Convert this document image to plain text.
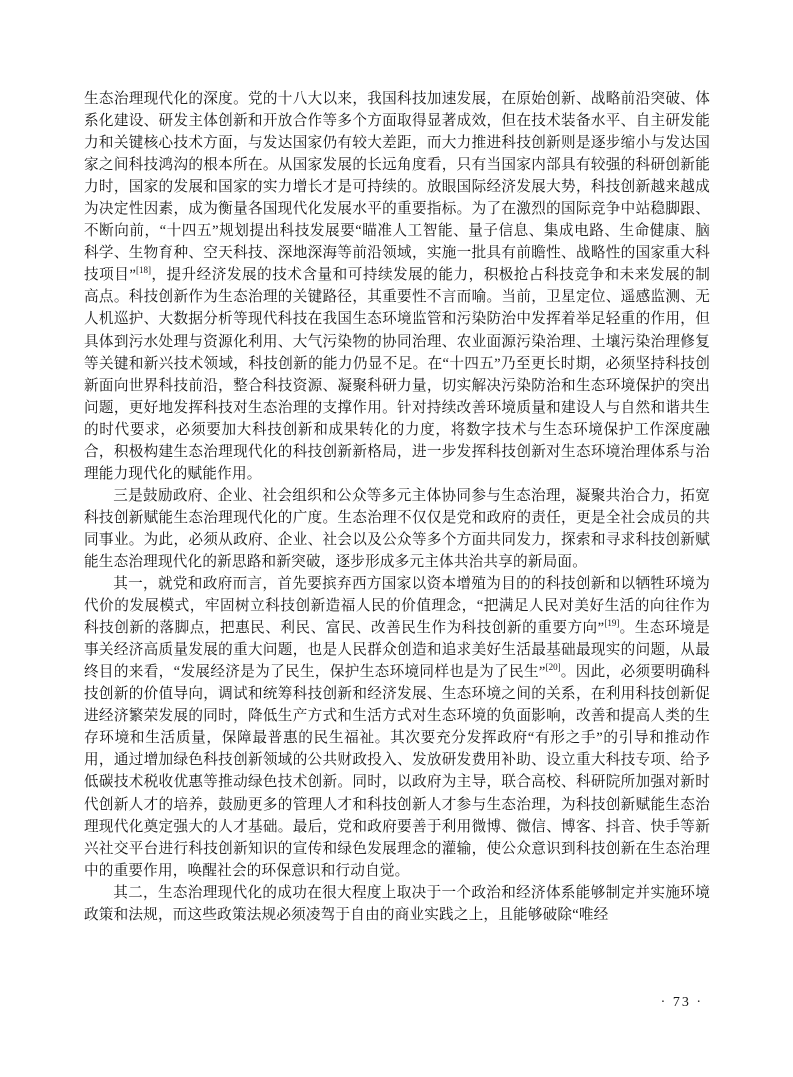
生态治理现代化的深度。党的十八大以来，我国科技加速发展，在原始创新、战略前沿突破、体系化建设、研发主体创新和开放合作等多个方面取得显著成效，但在技术装备水平、自主研发能力和关键核心技术方面，与发达国家仍有较大差距，而大力推进科技创新则是逐步缩小与发达国家之间科技鸿沟的根本所在。从国家发展的长远角度看，只有当国家内部具有较强的科研创新能力时，国家的发展和国家的实力增长才是可持续的。放眼国际经济发展大势，科技创新越来越成为决定性因素，成为衡量各国现代化发展水平的重要指标。为了在激烈的国际竞争中站稳脚跟、不断向前，“十四五”规划提出科技发展要“瞄准人工智能、量子信息、集成电路、生命健康、脑科学、生物育种、空天科技、深地深海等前沿领域，实施一批具有前瞻性、战略性的国家重大科技项目”[18]，提升经济发展的技术含量和可持续发展的能力，积极抢占科技竞争和未来发展的制高点。科技创新作为生态治理的关键路径，其重要性不言而喻。当前，卫星定位、遥感监测、无人机巡护、大数据分析等现代科技在我国生态环境监管和污染防治中发挥着举足轻重的作用，但具体到污水处理与资源化利用、大气污染物的协同治理、农业面源污染治理、土壤污染治理修复等关键和新兴技术领域，科技创新的能力仍显不足。在“十四五”乃至更长时期，必须坚持科技创新面向世界科技前沿，整合科技资源、凝聚科研力量，切实解决污染防治和生态环境保护的突出问题，更好地发挥科技对生态治理的支撑作用。针对持续改善环境质量和建设人与自然和谐共生的时代要求，必须要加大科技创新和成果转化的力度，将数字技术与生态环境保护工作深度融合，积极构建生态治理现代化的科技创新新格局，进一步发挥科技创新对生态环境治理体系与治理能力现代化的赋能作用。

三是鼓励政府、企业、社会组织和公众等多元主体协同参与生态治理，凝聚共治合力，拓宽科技创新赋能生态治理现代化的广度。生态治理不仅仅是党和政府的责任，更是全社会成员的共同事业。为此，必须从政府、企业、社会以及公众等多个方面共同发力，探索和寻求科技创新赋能生态治理现代化的新思路和新突破，逐步形成多元主体共治共享的新局面。

其一，就党和政府而言，首先要摈弃西方国家以资本增殖为目的的科技创新和以牺牲环境为代价的发展模式，牢固树立科技创新造福人民的价值理念，“把满足人民对美好生活的向往作为科技创新的落脚点，把惠民、利民、富民、改善民生作为科技创新的重要方向”[19]。生态环境是事关经济高质量发展的重大问题，也是人民群众创造和追求美好生活最基础最现实的问题，从最终目的来看，“发展经济是为了民生，保护生态环境同样也是为了民生”[20]。因此，必须要明确科技创新的价值导向，调试和统筹科技创新和经济发展、生态环境之间的关系，在利用科技创新促进经济繁荣发展的同时，降低生产方式和生活方式对生态环境的负面影响，改善和提高人类的生存环境和生活质量，保障最普惠的民生福祉。其次要充分发挥政府“有形之手”的引导和推动作用，通过增加绿色科技创新领域的公共财政投入、发放研发费用补助、设立重大科技专项、给予低碳技术税收优惠等推动绿色技术创新。同时，以政府为主导，联合高校、科研院所加强对新时代创新人才的培养，鼓励更多的管理人才和科技创新人才参与生态治理，为科技创新赋能生态治理现代化奠定强大的人才基础。最后，党和政府要善于利用微博、微信、博客、抖音、快手等新兴社交平台进行科技创新知识的宣传和绿色发展理念的灌输，使公众意识到科技创新在生态治理中的重要作用，唤醒社会的环保意识和行动自觉。

其二，生态治理现代化的成功在很大程度上取决于一个政治和经济体系能够制定并实施环境政策和法规，而这些政策法规必须凌驾于自由的商业实践之上，且能够破除“唯经

· 73 ·
